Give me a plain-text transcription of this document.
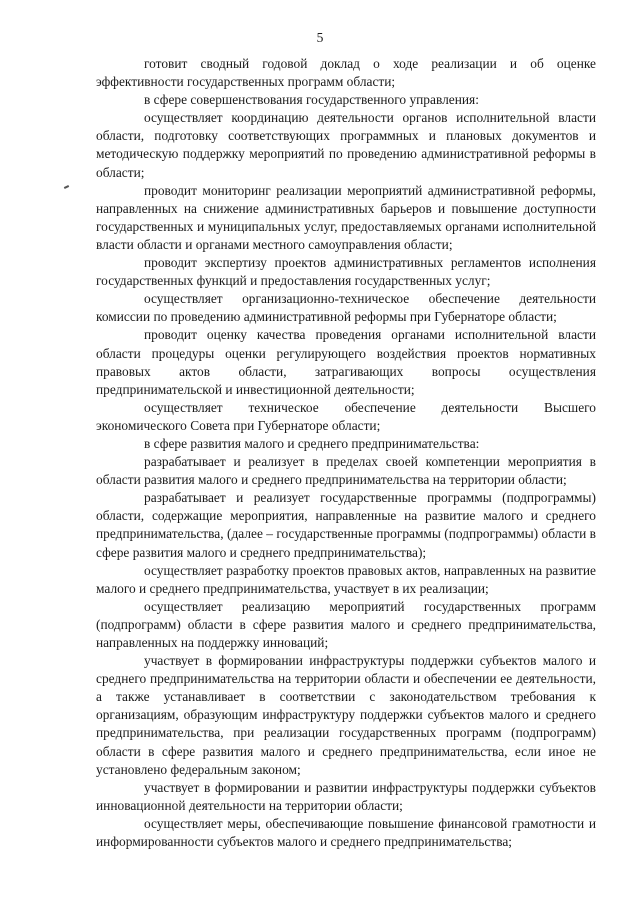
5

готовит сводный годовой доклад о ходе реализации и об оценке эффективности государственных программ области;

в сфере совершенствования государственного управления:

осуществляет координацию деятельности органов исполнительной власти области, подготовку соответствующих программных и плановых документов и методическую поддержку мероприятий по проведению административной реформы в области;

проводит мониторинг реализации мероприятий административной реформы, направленных на снижение административных барьеров и повышение доступности государственных и муниципальных услуг, предоставляемых органами исполнительной власти области и органами местного самоуправления области;

проводит экспертизу проектов административных регламентов исполнения государственных функций и предоставления государственных услуг;

осуществляет организационно-техническое обеспечение деятельности комиссии по проведению административной реформы при Губернаторе области;

проводит оценку качества проведения органами исполнительной власти области процедуры оценки регулирующего воздействия проектов нормативных правовых актов области, затрагивающих вопросы осуществления предпринимательской и инвестиционной деятельности;

осуществляет техническое обеспечение деятельности Высшего экономического Совета при Губернаторе области;

в сфере развития малого и среднего предпринимательства:

разрабатывает и реализует в пределах своей компетенции мероприятия в области развития малого и среднего предпринимательства на территории области;

разрабатывает и реализует государственные программы (подпрограммы) области, содержащие мероприятия, направленные на развитие малого и среднего предпринимательства, (далее – государственные программы (подпрограммы) области в сфере развития малого и среднего предпринимательства);

осуществляет разработку проектов правовых актов, направленных на развитие малого и среднего предпринимательства, участвует в их реализации;

осуществляет реализацию мероприятий государственных программ (подпрограмм) области в сфере развития малого и среднего предпринимательства, направленных на поддержку инноваций;

участвует в формировании инфраструктуры поддержки субъектов малого и среднего предпринимательства на территории области и обеспечении ее деятельности, а также устанавливает в соответствии с законодательством требования к организациям, образующим инфраструктуру поддержки субъектов малого и среднего предпринимательства, при реализации государственных программ (подпрограмм) области в сфере развития малого и среднего предпринимательства, если иное не установлено федеральным законом;

участвует в формировании и развитии инфраструктуры поддержки субъектов инновационной деятельности на территории области;

осуществляет меры, обеспечивающие повышение финансовой грамотности и информированности субъектов малого и среднего предпринимательства;
